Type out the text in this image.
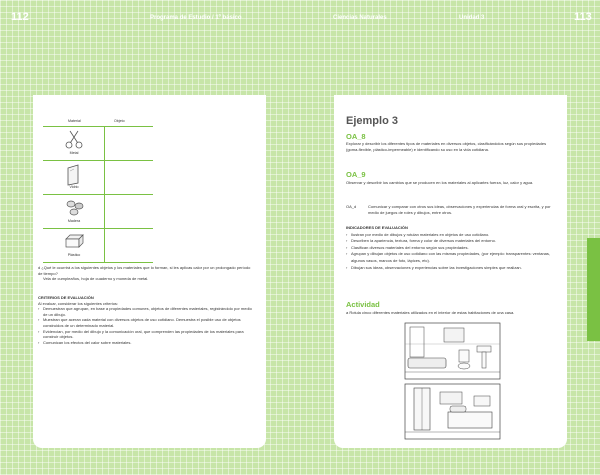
112	Programa de Estudio / 1º básico	Ciencias Naturales	Unidad 3	113
Material	Objeto
Metal
Vidrio
Madera
Plástico

d ¿Qué le ocurrirá a los siguientes objetos y los materiales que lo forman, si les aplicas calor por un prolongado período de tiempo?

Vela de cumpleaños, hoja de cuaderno y moneda de metal.

CRITERIOS DE EVALUACIÓN

Al evaluar, considerar los siguientes criterios:

› Demuestran que agrupan, en base a propiedades comunes, objetos de diferentes materiales, registrándolo por medio de un dibujo.
› Muestran que aceran cada material con diversos objetos de uso cotidiano. Demuestra el posible uso de objetos construidos de un determinado material.
› Evidencian, por medio del dibujo y la comunicación oral, que comprenden las propiedades de los materiales para construir objetos.
› Comunican los efectos del calor sobre materiales.
Ejemplo 3
OA_8
Explorar y describir los diferentes tipos de materiales en diversos objetos, clasificándolos según sus propiedades (goma-flexible, plástico-impermeable) e identificando su uso en la vida cotidiana.
OA_9
Observar y describir los cambios que se producen en los materiales al aplicarles fuerza, luz, calor y agua.
OA_d	Comunicar y comparar con otros sus ideas, observaciones y experiencias de forma oral y escrita, y por medio de juegos de roles y dibujos, entre otros.

INDICADORES DE EVALUACIÓN

› Ilustran por medio de dibujos y rotulan materiales en objetos de uso cotidiano.
› Describen la apariencia, textura, forma y color de diversos materiales del entorno.
› Clasifican diversos materiales del entorno según sus propiedades.
› Agrupan y dibujan objetos de uso cotidiano con las mismas propiedades, (por ejemplo: transparentes: ventanas, algunos vasos, marcos de foto, lápices, etc).
› Dibujan sus ideas, observaciones y experiencias sobre las investigaciones simples que realizan.
Actividad
a Rotula cinco diferentes materiales utilizados en el interior de estas habitaciones de una casa.
